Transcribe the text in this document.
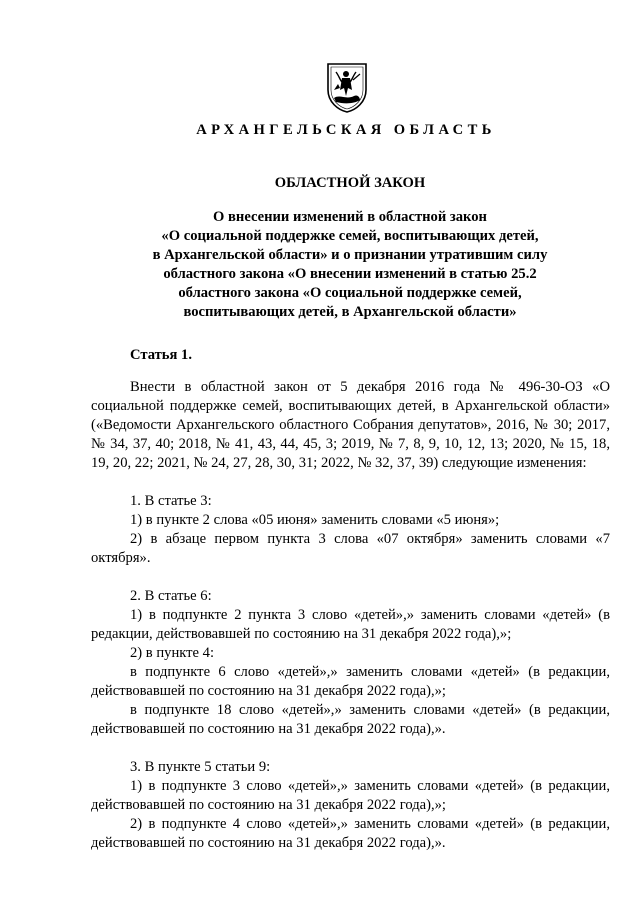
АРХАНГЕЛЬСКАЯ ОБЛАСТЬ
ОБЛАСТНОЙ ЗАКОН
О внесении изменений в областной закон
«О социальной поддержке семей, воспитывающих детей,
в Архангельской области» и о признании утратившим силу
областного закона «О внесении изменений в статью 25.2
областного закона «О социальной поддержке семей,
воспитывающих детей, в Архангельской области»
Статья 1.

Внести в областной закон от 5 декабря 2016 года № 496-30-ОЗ «О социальной поддержке семей, воспитывающих детей, в Архангельской области» («Ведомости Архангельского областного Собрания депутатов», 2016, № 30; 2017, № 34, 37, 40; 2018, № 41, 43, 44, 45, 3; 2019, № 7, 8, 9, 10, 12, 13; 2020, № 15, 18, 19, 20, 22; 2021, № 24, 27, 28, 30, 31; 2022, № 32, 37, 39) следующие изменения:

1. В статье 3:

1) в пункте 2 слова «05 июня» заменить словами «5 июня»;

2) в абзаце первом пункта 3 слова «07 октября» заменить словами «7 октября».

2. В статье 6:

1) в подпункте 2 пункта 3 слово «детей»,» заменить словами «детей» (в редакции, действовавшей по состоянию на 31 декабря 2022 года),»;

2) в пункте 4:

в подпункте 6 слово «детей»,» заменить словами «детей» (в редакции, действовавшей по состоянию на 31 декабря 2022 года),»;

в подпункте 18 слово «детей»,» заменить словами «детей» (в редакции, действовавшей по состоянию на 31 декабря 2022 года),».

3. В пункте 5 статьи 9:

1) в подпункте 3 слово «детей»,» заменить словами «детей» (в редакции, действовавшей по состоянию на 31 декабря 2022 года),»;

2) в подпункте 4 слово «детей»,» заменить словами «детей» (в редакции, действовавшей по состоянию на 31 декабря 2022 года),».
